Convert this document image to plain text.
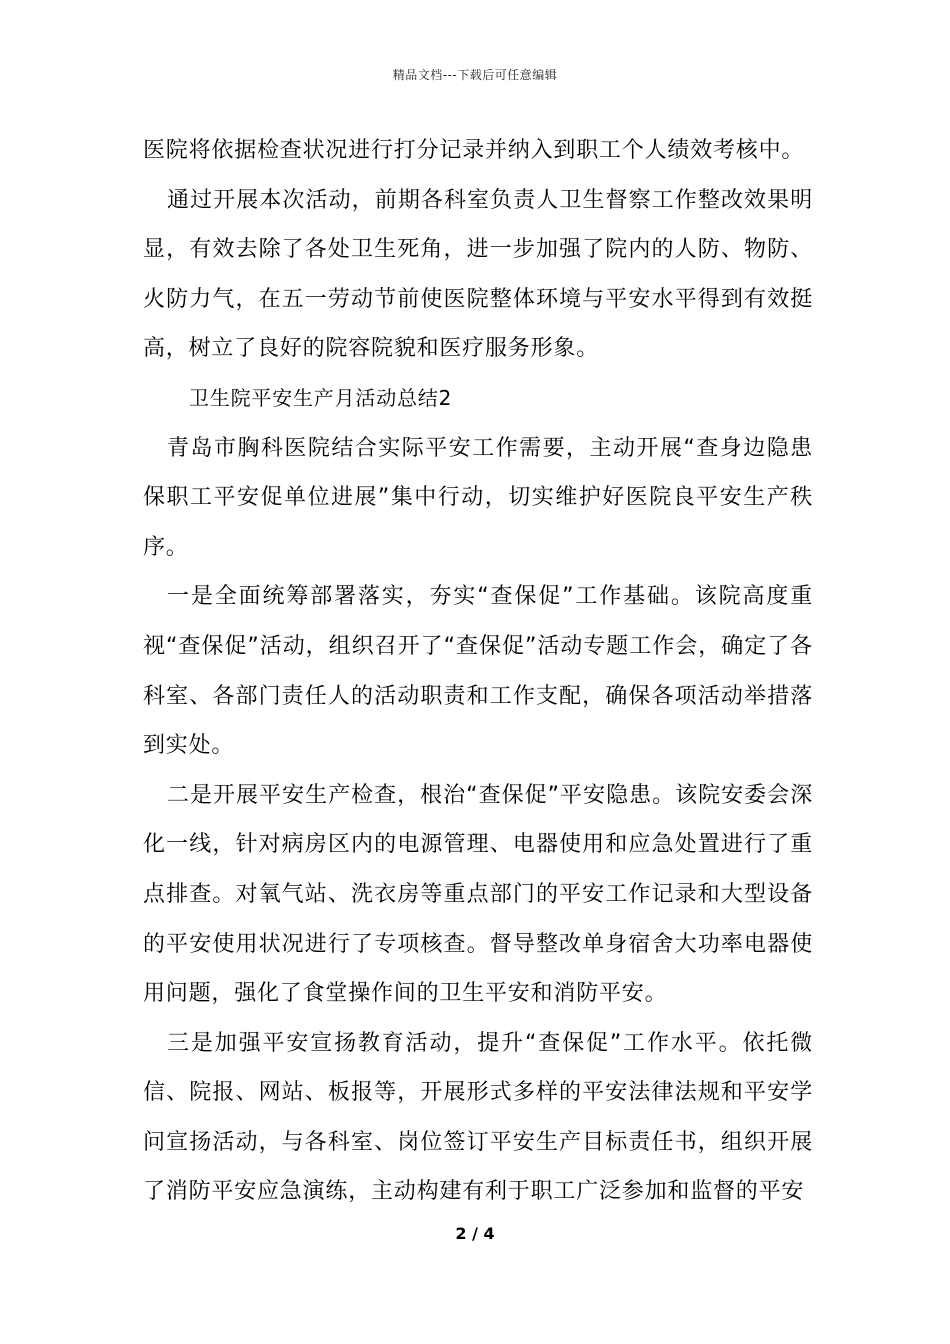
精品文档---下载后可任意编辑

医院将依据检查状况进行打分记录并纳入到职工个人绩效考核中。

通过开展本次活动，前期各科室负责人卫生督察工作整改效果明显，有效去除了各处卫生死角，进一步加强了院内的人防、物防、火防力气，在五一劳动节前使医院整体环境与平安水平得到有效挺高，树立了良好的院容院貌和医疗服务形象。

卫生院平安生产月活动总结2

青岛市胸科医院结合实际平安工作需要，主动开展“查身边隐患保职工平安促单位进展”集中行动，切实维护好医院良平安生产秩序。

一是全面统筹部署落实，夯实“查保促”工作基础。该院高度重视“查保促”活动，组织召开了“查保促”活动专题工作会，确定了各科室、各部门责任人的活动职责和工作支配，确保各项活动举措落到实处。

二是开展平安生产检查，根治“查保促”平安隐患。该院安委会深化一线，针对病房区内的电源管理、电器使用和应急处置进行了重点排查。对氧气站、洗衣房等重点部门的平安工作记录和大型设备的平安使用状况进行了专项核查。督导整改单身宿舍大功率电器使用问题，强化了食堂操作间的卫生平安和消防平安。

三是加强平安宣扬教育活动，提升“查保促”工作水平。依托微信、院报、网站、板报等，开展形式多样的平安法律法规和平安学问宣扬活动，与各科室、岗位签订平安生产目标责任书，组织开展了消防平安应急演练，主动构建有利于职工广泛参加和监督的平安

2 / 4
